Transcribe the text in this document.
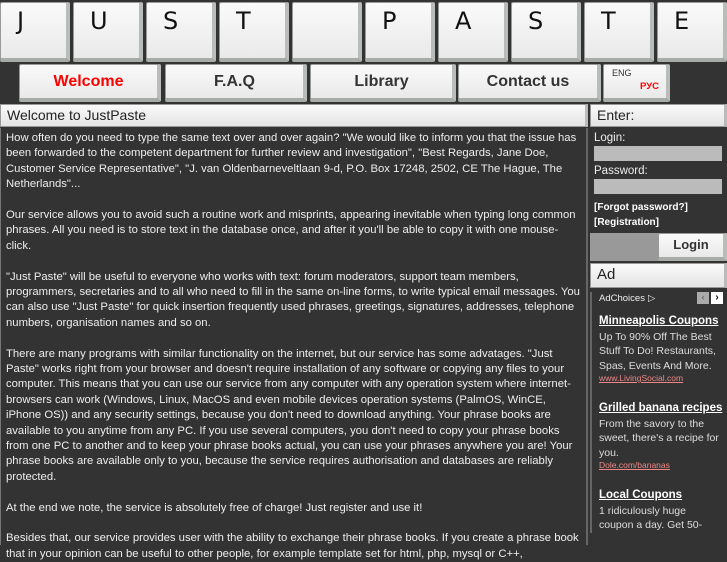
J	U	S	T	P	A	S	T	E
Welcome	F.A.Q	Library	Contact us	ENG
РУС
Welcome to JustPaste	Enter:

How often do you need to type the same text over and over again? "We would like to inform you that the issue has been forwarded to the competent department for further review and investigation", "Best Regards, Jane Doe, Customer Service Representative", "J. van Oldenbarneveltlaan 9-d, P.O. Box 17248, 2502, CE The Hague, The Netherlands"...

Our service allows you to avoid such a routine work and misprints, appearing inevitable when typing long common phrases. All you need is to store text in the database once, and after it you'll be able to copy it with one mouse-click.

"Just Paste" will be useful to everyone who works with text: forum moderators, support team members, programmers, secretaries and to all who need to fill in the same on-line forms, to write typical email messages. You can also use "Just Paste" for quick insertion frequently used phrases, greetings, signatures, addresses, telephone numbers, organisation names and so on.

There are many programs with similar functionality on the internet, but our service has some advatages. "Just Paste" works right from your browser and doesn't require installation of any software or copying any files to your computer. This means that you can use our service from any computer with any operation system where internet-browsers can work (Windows, Linux, MacOS and even mobile devices operation systems (PalmOS, WinCE, iPhone OS)) and any security settings, because you don't need to download anything. Your phrase books are available to you anytime from any PC. If you use several computers, you don't need to copy your phrase books from one PC to another and to keep your phrase books actual, you can use your phrases anywhere you are! Your phrase books are available only to you, because the service requires authorisation and databases are reliably protected.

At the end we note, the service is absolutely free of charge! Just register and use it!

Besides that, our service provides user with the ability to exchange their phrase books. If you create a phrase book that in your opinion can be useful to other people, for example template set for html, php, mysql or C++,

Login:
Password:
[Forgot password?]
[Registration]
Login
Ad
AdChoices ▷	‹	›
Minneapolis Coupons

Up To 90% Off The Best Stuff To Do! Restaurants, Spas, Events And More.

www.LivingSocial.com
Grilled banana recipes

From the savory to the sweet, there's a recipe for you.

Dole.com/bananas
Local Coupons

1 ridiculously huge coupon a day. Get 50-
